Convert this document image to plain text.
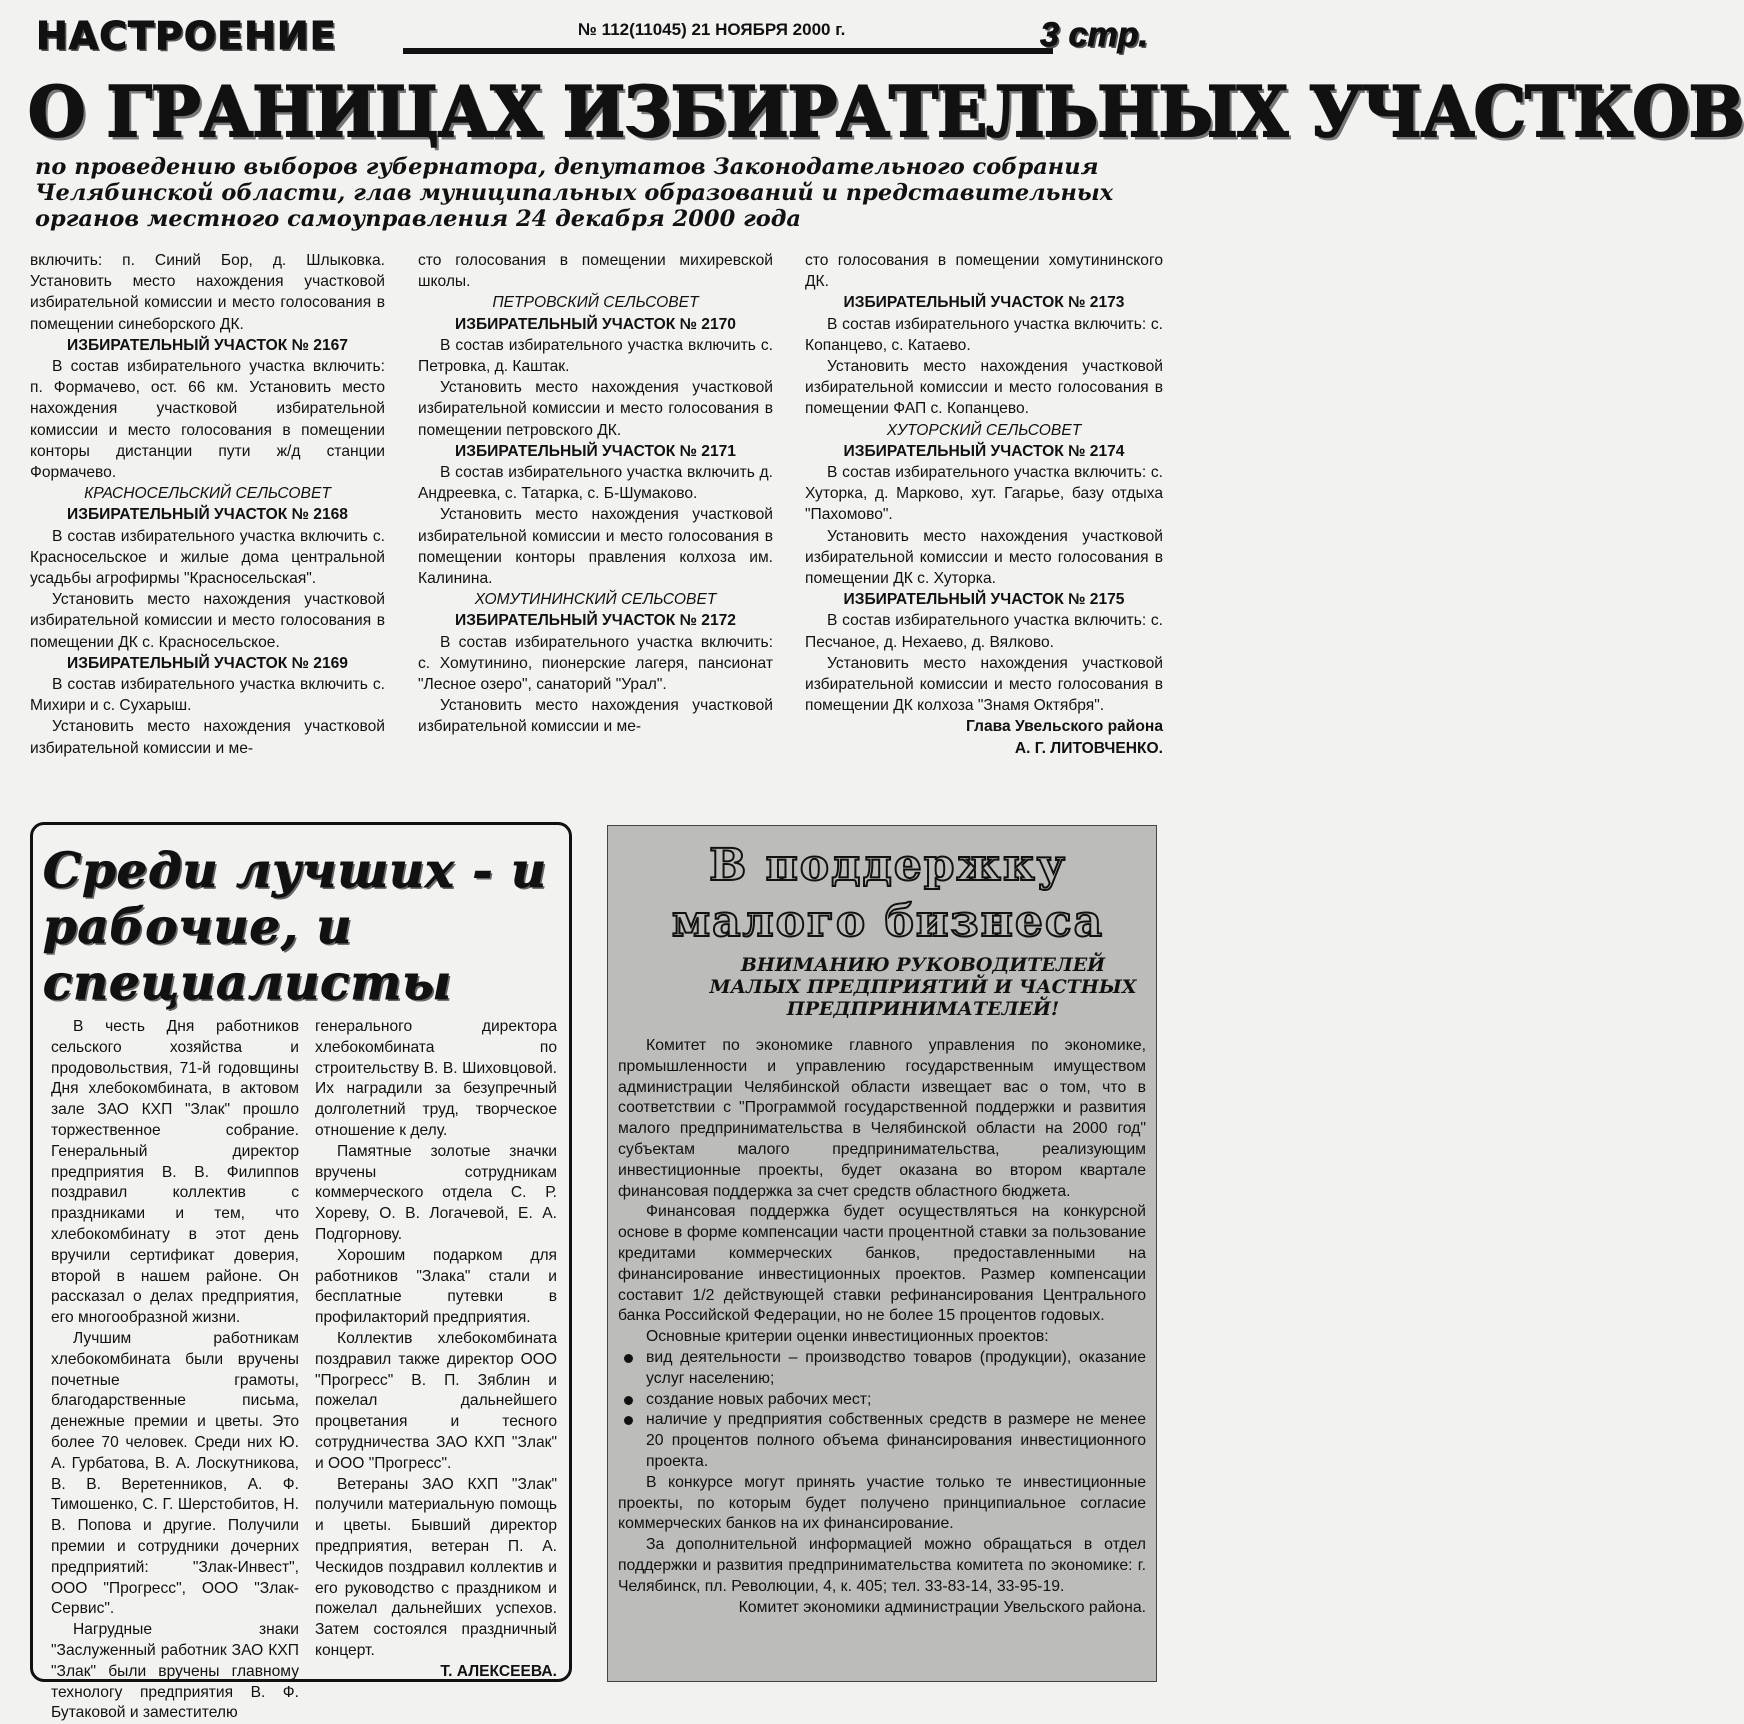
НАСТРОЕНИЕ	№ 112(11045) 21 НОЯБРЯ 2000 г.	3 стр.
О ГРАНИЦАХ ИЗБИРАТЕЛЬНЫХ УЧАСТКОВ
по проведению выборов губернатора, депутатов Законодательного собрания Челябинской области, глав муниципальных образований и представительных органов местного самоуправления 24 декабря 2000 года

включить: п. Синий Бор, д. Шлыковка. Установить место нахождения участковой избирательной комиссии и место голосования в помещении синеборского ДК.

ИЗБИРАТЕЛЬНЫЙ УЧАСТОК № 2167

В состав избирательного участка включить: п. Формачево, ост. 66 км. Установить место нахождения участковой избирательной комиссии и место голосования в помещении конторы дистанции пути ж/д станции Формачево.

КРАСНОСЕЛЬСКИЙ СЕЛЬСОВЕТ

ИЗБИРАТЕЛЬНЫЙ УЧАСТОК № 2168

В состав избирательного участка включить с. Красносельское и жилые дома центральной усадьбы агрофирмы "Красносельская".

Установить место нахождения участковой избирательной комиссии и место голосования в помещении ДК с. Красносельское.

ИЗБИРАТЕЛЬНЫЙ УЧАСТОК № 2169

В состав избирательного участка включить с. Михири и с. Сухарыш.

Установить место нахождения участковой избирательной комиссии и ме-

сто голосования в помещении михиревской школы.

ПЕТРОВСКИЙ СЕЛЬСОВЕТ

ИЗБИРАТЕЛЬНЫЙ УЧАСТОК № 2170

В состав избирательного участка включить с. Петровка, д. Каштак.

Установить место нахождения участковой избирательной комиссии и место голосования в помещении петровского ДК.

ИЗБИРАТЕЛЬНЫЙ УЧАСТОК № 2171

В состав избирательного участка включить д. Андреевка, с. Татарка, с. Б-Шумаково.

Установить место нахождения участковой избирательной комиссии и место голосования в помещении конторы правления колхоза им. Калинина.

ХОМУТИНИНСКИЙ СЕЛЬСОВЕТ

ИЗБИРАТЕЛЬНЫЙ УЧАСТОК № 2172

В состав избирательного участка включить: с. Хомутинино, пионерские лагеря, пансионат "Лесное озеро", санаторий "Урал".

Установить место нахождения участковой избирательной комиссии и ме-

сто голосования в помещении хомутининского ДК.

ИЗБИРАТЕЛЬНЫЙ УЧАСТОК № 2173

В состав избирательного участка включить: с. Копанцево, с. Катаево.

Установить место нахождения участковой избирательной комиссии и место голосования в помещении ФАП с. Копанцево.

ХУТОРСКИЙ СЕЛЬСОВЕТ

ИЗБИРАТЕЛЬНЫЙ УЧАСТОК № 2174

В состав избирательного участка включить: с. Хуторка, д. Марково, хут. Гагарье, базу отдыха "Пахомово".

Установить место нахождения участковой избирательной комиссии и место голосования в помещении ДК с. Хуторка.

ИЗБИРАТЕЛЬНЫЙ УЧАСТОК № 2175

В состав избирательного участка включить: с. Песчаное, д. Нехаево, д. Вялково.

Установить место нахождения участковой избирательной комиссии и место голосования в помещении ДК колхоза "Знамя Октября".

Глава Увельского района

А. Г. ЛИТОВЧЕНКО.

Среди лучших - и рабочие, и специалисты

В честь Дня работников сельского хозяйства и продовольствия, 71-й годовщины Дня хлебокомбината, в актовом зале ЗАО КХП "Злак" прошло торжественное собрание. Генеральный директор предприятия В. В. Филиппов поздравил коллектив с праздниками и тем, что хлебокомбинату в этот день вручили сертификат доверия, второй в нашем районе. Он рассказал о делах предприятия, его многообразной жизни.

Лучшим работникам хлебокомбината были вручены почетные грамоты, благодарственные письма, денежные премии и цветы. Это более 70 человек. Среди них Ю. А. Гурбатова, В. А. Лоскутникова, В. В. Веретенников, А. Ф. Тимошенко, С. Г. Шерстобитов, Н. В. Попова и другие. Получили премии и сотрудники дочерних предприятий: "Злак-Инвест", ООО "Прогресс", ООО "Злак-Сервис".

Нагрудные знаки "Заслуженный работник ЗАО КХП "Злак" были вручены главному технологу предприятия В. Ф. Бутаковой и заместителю

генерального директора хлебокомбината по строительству В. В. Шиховцовой. Их наградили за безупречный долголетний труд, творческое отношение к делу.

Памятные золотые значки вручены сотрудникам коммерческого отдела С. Р. Хореву, О. В. Логачевой, Е. А. Подгорнову.

Хорошим подарком для работников "Злака" стали и бесплатные путевки в профилакторий предприятия.

Коллектив хлебокомбината поздравил также директор ООО "Прогресс" В. П. Зяблин и пожелал дальнейшего процветания и тесного сотрудничества ЗАО КХП "Злак" и ООО "Прогресс".

Ветераны ЗАО КХП "Злак" получили материальную помощь и цветы. Бывший директор предприятия, ветеран П. А. Ческидов поздравил коллектив и его руководство с праздником и пожелал дальнейших успехов. Затем состоялся праздничный концерт.

Т. АЛЕКСЕЕВА.

В поддержку малого бизнеса
ВНИМАНИЮ РУКОВОДИТЕЛЕЙ МАЛЫХ ПРЕДПРИЯТИЙ И ЧАСТНЫХ ПРЕДПРИНИМАТЕЛЕЙ!

Комитет по экономике главного управления по экономике, промышленности и управлению государственным имуществом администрации Челябинской области извещает вас о том, что в соответствии с "Программой государственной поддержки и развития малого предпринимательства в Челябинской области на 2000 год" субъектам малого предпринимательства, реализующим инвестиционные проекты, будет оказана во втором квартале финансовая поддержка за счет средств областного бюджета.

Финансовая поддержка будет осуществляться на конкурсной основе в форме компенсации части процентной ставки за пользование кредитами коммерческих банков, предоставленными на финансирование инвестиционных проектов. Размер компенсации составит 1/2 действующей ставки рефинансирования Центрального банка Российской Федерации, но не более 15 процентов годовых.

Основные критерии оценки инвестиционных проектов:

вид деятельности – производство товаров (продукции), оказание услуг населению;
создание новых рабочих мест;
наличие у предприятия собственных средств в размере не менее 20 процентов полного объема финансирования инвестиционного проекта.

В конкурсе могут принять участие только те инвестиционные проекты, по которым будет получено принципиальное согласие коммерческих банков на их финансирование.

За дополнительной информацией можно обращаться в отдел поддержки и развития предпринимательства комитета по экономике: г. Челябинск, пл. Революции, 4, к. 405; тел. 33-83-14, 33-95-19.

Комитет экономики администрации Увельского района.
